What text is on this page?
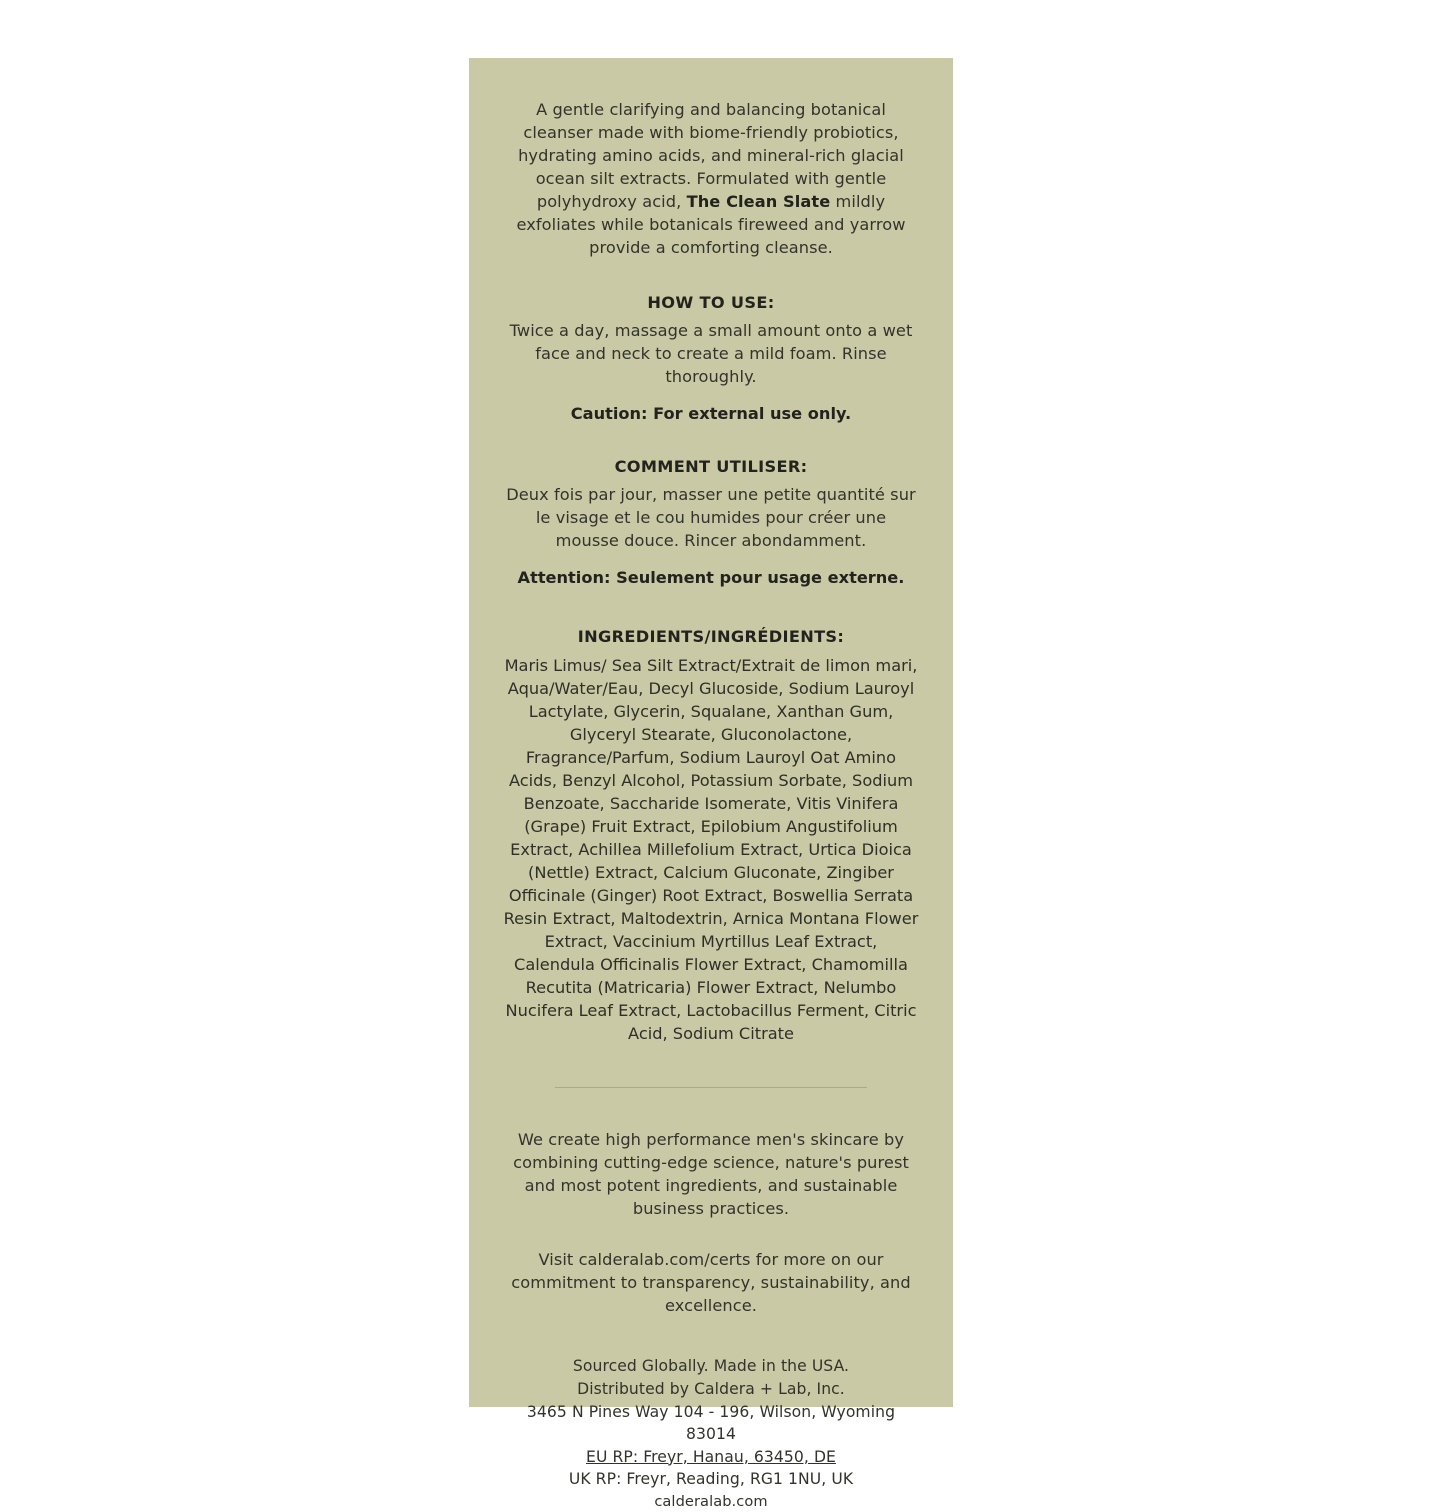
A gentle clarifying and balancing botanical cleanser made with biome-friendly probiotics, hydrating amino acids, and mineral-rich glacial ocean silt extracts. Formulated with gentle polyhydroxy acid, The Clean Slate mildly exfoliates while botanicals fireweed and yarrow provide a comforting cleanse.

HOW TO USE:

Twice a day, massage a small amount onto a wet face and neck to create a mild foam. Rinse thoroughly.

Caution: For external use only.
COMMENT UTILISER:

Deux fois par jour, masser une petite quantité sur le visage et le cou humides pour créer une mousse douce. Rincer abondamment.

Attention: Seulement pour usage externe.
INGREDIENTS/INGRÉDIENTS:

Maris Limus/ Sea Silt Extract/Extrait de limon mari, Aqua/Water/Eau, Decyl Glucoside, Sodium Lauroyl Lactylate, Glycerin, Squalane, Xanthan Gum, Glyceryl Stearate, Gluconolactone, Fragrance/Parfum, Sodium Lauroyl Oat Amino Acids, Benzyl Alcohol, Potassium Sorbate, Sodium Benzoate, Saccharide Isomerate, Vitis Vinifera (Grape) Fruit Extract, Epilobium Angustifolium Extract, Achillea Millefolium Extract, Urtica Dioica (Nettle) Extract, Calcium Gluconate, Zingiber Officinale (Ginger) Root Extract, Boswellia Serrata Resin Extract, Maltodextrin, Arnica Montana Flower Extract, Vaccinium Myrtillus Leaf Extract, Calendula Officinalis Flower Extract, Chamomilla Recutita (Matricaria) Flower Extract, Nelumbo Nucifera Leaf Extract, Lactobacillus Ferment, Citric Acid, Sodium Citrate

We create high performance men's skincare by combining cutting-edge science, nature's purest and most potent ingredients, and sustainable business practices.

Visit calderalab.com/certs for more on our commitment to transparency, sustainability, and excellence.

Sourced Globally. Made in the USA.
Distributed by Caldera + Lab, Inc.
3465 N Pines Way 104 - 196, Wilson, Wyoming 83014
EU RP: Freyr, Hanau, 63450, DE
UK RP: Freyr, Reading, RG1 1NU, UK
calderalab.com
